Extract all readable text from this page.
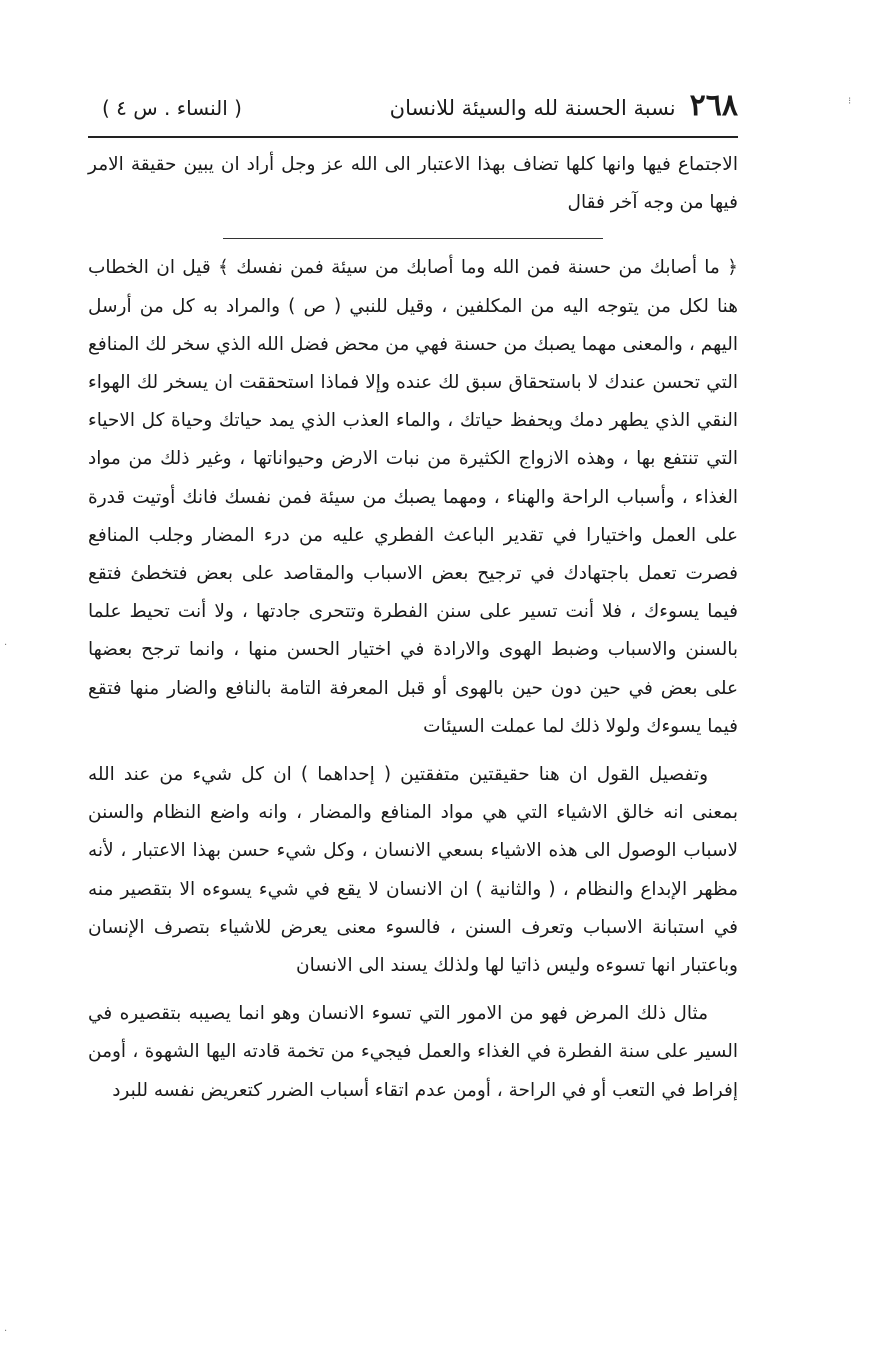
⁝
·
·
٢٦٨
نسبة الحسنة لله والسيئة للانسان
( النساء . س ٤ )

الاجتماع فيها وانها كلها تضاف بهذا الاعتبار الى الله عز وجل أراد ان يبين حقيقة الامر فيها من وجه آخر فقال

﴿ ما أصابك من حسنة فمن الله وما أصابك من سيئة فمن نفسك ﴾ قيل ان الخطاب هنا لكل من يتوجه اليه من المكلفين ، وقيل للنبي ( ص ) والمراد به كل من أرسل اليهم ، والمعنى مهما يصبك من حسنة فهي من محض فضل الله الذي سخر لك المنافع التي تحسن عندك لا باستحقاق سبق لك عنده وإلا فماذا استحققت ان يسخر لك الهواء النقي الذي يطهر دمك ويحفظ حياتك ، والماء العذب الذي يمد حياتك وحياة كل الاحياء التي تنتفع بها ، وهذه الازواج الكثيرة من نبات الارض وحيواناتها ، وغير ذلك من مواد الغذاء ، وأسباب الراحة والهناء ، ومهما يصبك من سيئة فمن نفسك فانك أوتيت قدرة على العمل واختيارا في تقدير الباعث الفطري عليه من درء المضار وجلب المنافع فصرت تعمل باجتهادك في ترجيح بعض الاسباب والمقاصد على بعض فتخطئ فتقع فيما يسوءك ، فلا أنت تسير على سنن الفطرة وتتحرى جادتها ، ولا أنت تحيط علما بالسنن والاسباب وضبط الهوى والارادة في اختيار الحسن منها ، وانما ترجح بعضها على بعض في حين دون حين بالهوى أو قبل المعرفة التامة بالنافع والضار منها فتقع فيما يسوءك ولولا ذلك لما عملت السيئات

وتفصيل القول ان هنا حقيقتين متفقتين ( إحداهما ) ان كل شيء من عند الله بمعنى انه خالق الاشياء التي هي مواد المنافع والمضار ، وانه واضع النظام والسنن لاسباب الوصول الى هذه الاشياء بسعي الانسان ، وكل شيء حسن بهذا الاعتبار ، لأنه مظهر الإبداع والنظام ، ( والثانية ) ان الانسان لا يقع في شيء يسوءه الا بتقصير منه في استبانة الاسباب وتعرف السنن ، فالسوء معنى يعرض للاشياء بتصرف الإنسان وباعتبار انها تسوءه وليس ذاتيا لها ولذلك يسند الى الانسان

مثال ذلك المرض فهو من الامور التي تسوء الانسان وهو انما يصيبه بتقصيره في السير على سنة الفطرة في الغذاء والعمل فيجيء من تخمة قادته اليها الشهوة ، أومن إفراط في التعب أو في الراحة ، أومن عدم اتقاء أسباب الضرر كتعريض نفسه للبرد
